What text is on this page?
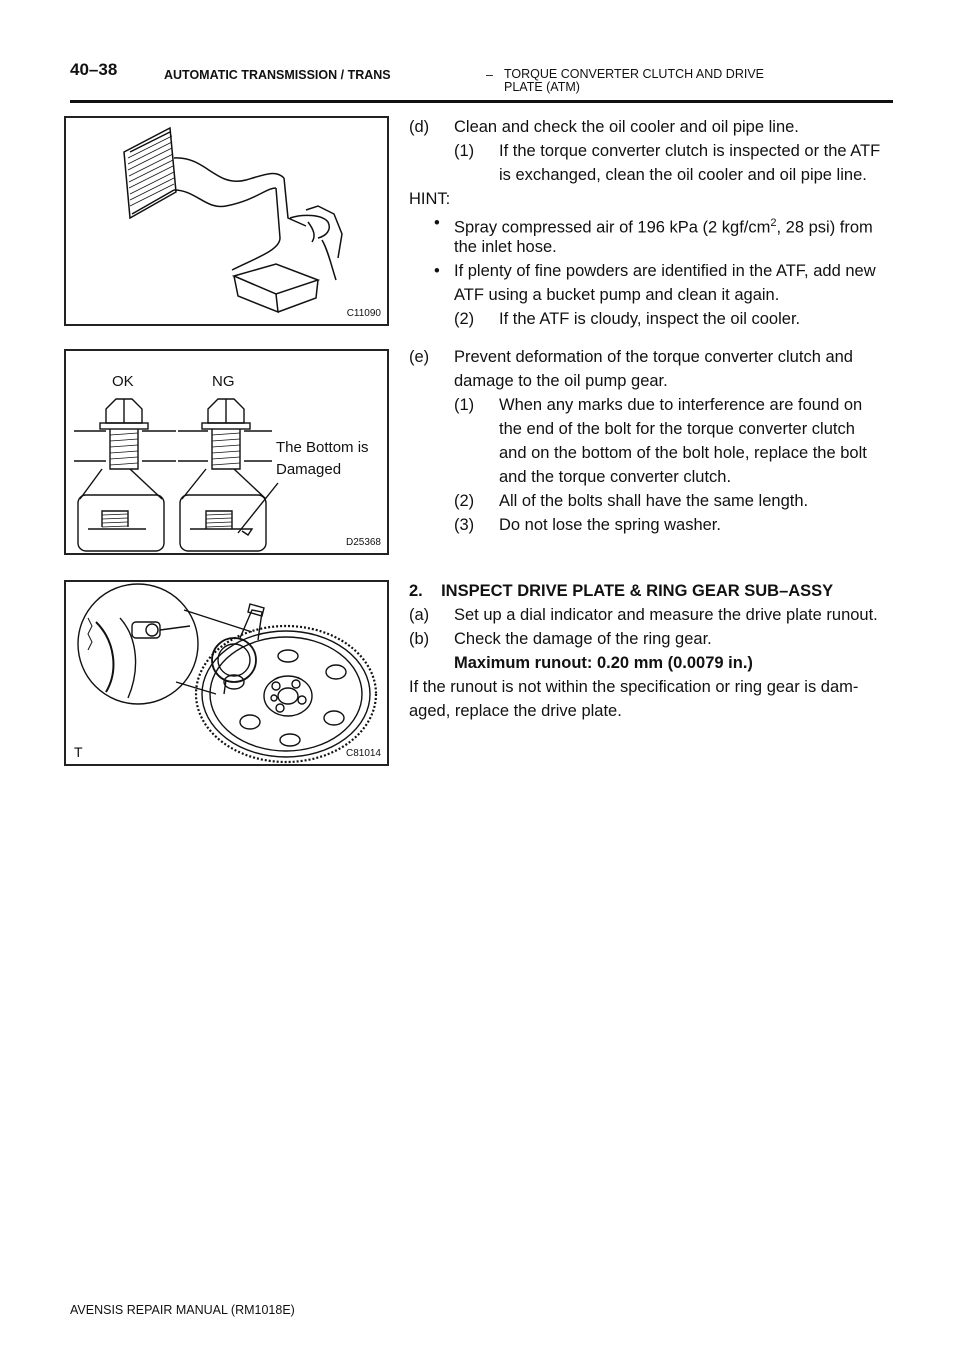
40–38	AUTOMATIC TRANSMISSION / TRANS	– TORQUE CONVERTER CLUTCH AND DRIVE PLATE (ATM)
C11090
OK	NG
The Bottom is
Damaged
D25368
T	C81014
(d) Clean and check the oil cooler and oil pipe line.
(1) If the torque converter clutch is inspected or the ATF
is exchanged, clean the oil cooler and oil pipe line.
HINT:
• Spray compressed air of 196 kPa (2 kgf/$cm^2$, 28 psi) from
the inlet hose.
• If plenty of fine powders are identified in the ATF, add new
ATF using a bucket pump and clean it again.
(2) If the ATF is cloudy, inspect the oil cooler.
(e) Prevent deformation of the torque converter clutch and
damage to the oil pump gear.
(1) When any marks due to interference are found on
the end of the bolt for the torque converter clutch
and on the bottom of the bolt hole, replace the bolt
and the torque converter clutch.
(2) All of the bolts shall have the same length.
(3) Do not lose the spring washer.
2.    INSPECT DRIVE PLATE & RING GEAR SUB–ASSY
(a) Set up a dial indicator and measure the drive plate runout.
(b) Check the damage of the ring gear.
Maximum runout: 0.20 mm (0.0079 in.)
If the runout is not within the specification or ring gear is dam-
aged, replace the drive plate.
AVENSIS REPAIR MANUAL (RM1018E)
